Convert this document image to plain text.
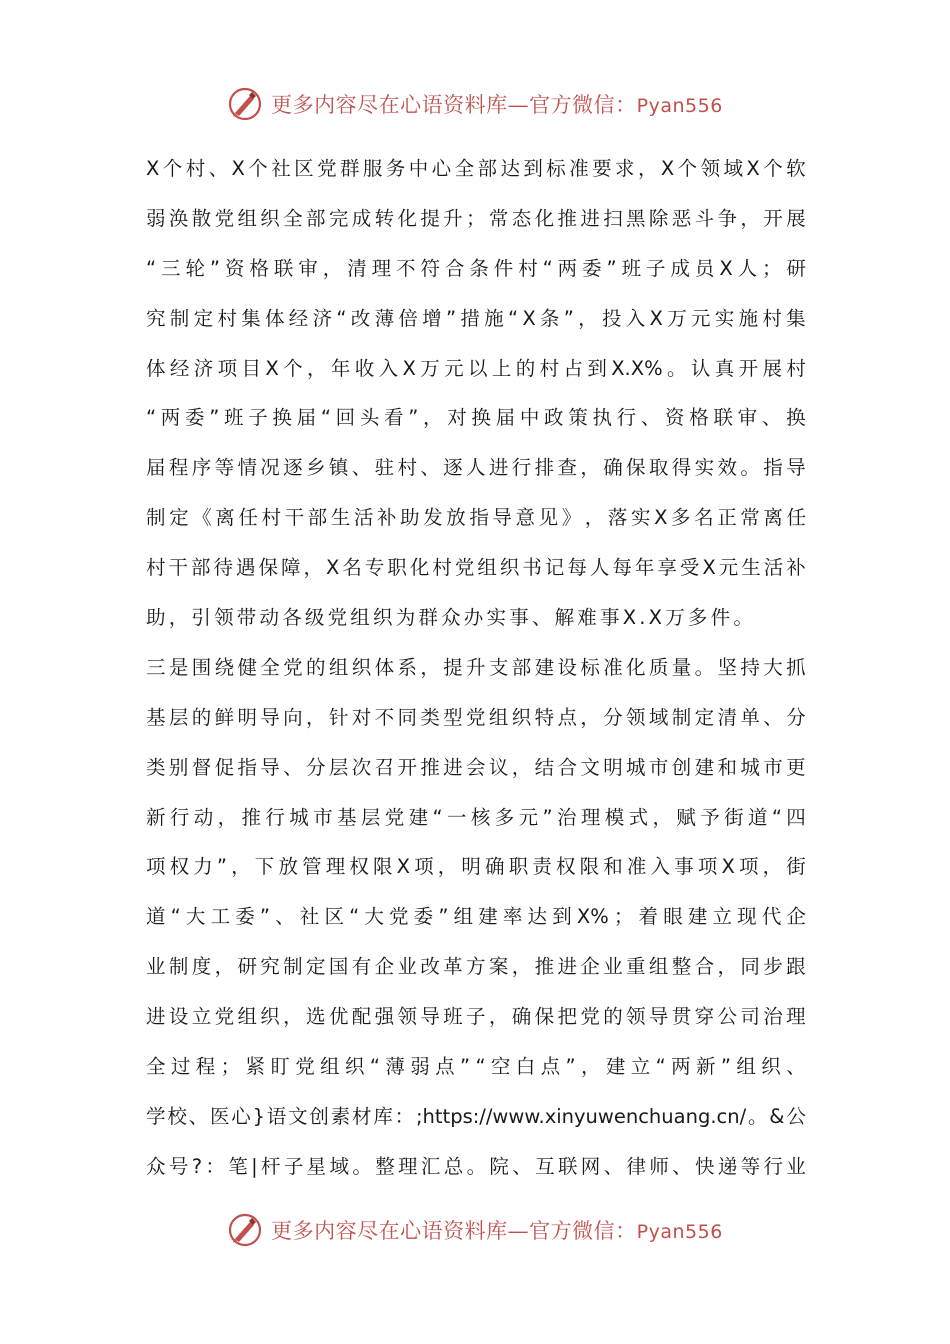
更多内容尽在心语资料库—官方微信：Pyan556
X 个 村 、 X 个 社 区 党 群 服 务 中 心 全 部 达 到 标 准 要 求 ， X 个 领 域 X 个 软
弱 涣 散 党 组 织 全 部 完 成 转 化 提 升 ； 常 态 化 推 进 扫 黑 除 恶 斗 争 ， 开 展
“ 三 轮 ” 资 格 联 审 ， 清 理 不 符 合 条 件 村 “ 两 委 ” 班 子 成 员 X 人 ； 研
究 制 定 村 集 体 经 济 “ 改 薄 倍 增 ” 措 施 “ X 条 ” ， 投 入 X 万 元 实 施 村 集
体 经 济 项 目 X 个 ， 年 收 入 X 万 元 以 上 的 村 占 到 X.X% 。 认 真 开 展 村
“ 两 委 ” 班 子 换 届 “ 回 头 看 ” ， 对 换 届 中 政 策 执 行 、 资 格 联 审 、 换
届 程 序 等 情 况 逐 乡 镇 、 驻 村 、 逐 人 进 行 排 查 ， 确 保 取 得 实 效 。 指 导
制 定 《 离 任 村 干 部 生 活 补 助 发 放 指 导 意 见 》 ， 落 实 X 多 名 正 常 离 任
村 干 部 待 遇 保 障 ， X 名 专 职 化 村 党 组 织 书 记 每 人 每 年 享 受 X 元 生 活 补
助，引领带动各级党组织为群众办实事、解难事X.X万多件。
三 是 围 绕 健 全 党 的 组 织 体 系 ， 提 升 支 部 建 设 标 准 化 质 量 。 坚 持 大 抓
基 层 的 鲜 明 导 向 ， 针 对 不 同 类 型 党 组 织 特 点 ， 分 领 域 制 定 清 单 、 分
类 别 督 促 指 导 、 分 层 次 召 开 推 进 会 议 ， 结 合 文 明 城 市 创 建 和 城 市 更
新 行 动 ， 推 行 城 市 基 层 党 建 “ 一 核 多 元 ” 治 理 模 式 ， 赋 予 街 道 “ 四
项 权 力 ” ， 下 放 管 理 权 限 X 项 ， 明 确 职 责 权 限 和 准 入 事 项 X 项 ， 街
道 “ 大 工 委 ” 、 社 区 “ 大 党 委 ” 组 建 率 达 到 X% ； 着 眼 建 立 现 代 企
业 制 度 ， 研 究 制 定 国 有 企 业 改 革 方 案 ， 推 进 企 业 重 组 整 合 ， 同 步 跟
进 设 立 党 组 织 ， 选 优 配 强 领 导 班 子 ， 确 保 把 党 的 领 导 贯 穿 公 司 治 理
全 过 程 ； 紧 盯 党 组 织 “ 薄 弱 点 ” “ 空 白 点 ” ， 建 立 “ 两 新 ” 组 织 、
学 校 、 医 心 } 语 文 创 素 材 库 ： ;https://www.xinyuwenchuang.cn/ 。 & 公
众 号 ? ： 笔 | 杆 子 星 域 。 整 理 汇 总 。 院 、 互 联 网 、 律 师 、 快 递 等 行 业
更多内容尽在心语资料库—官方微信：Pyan556
